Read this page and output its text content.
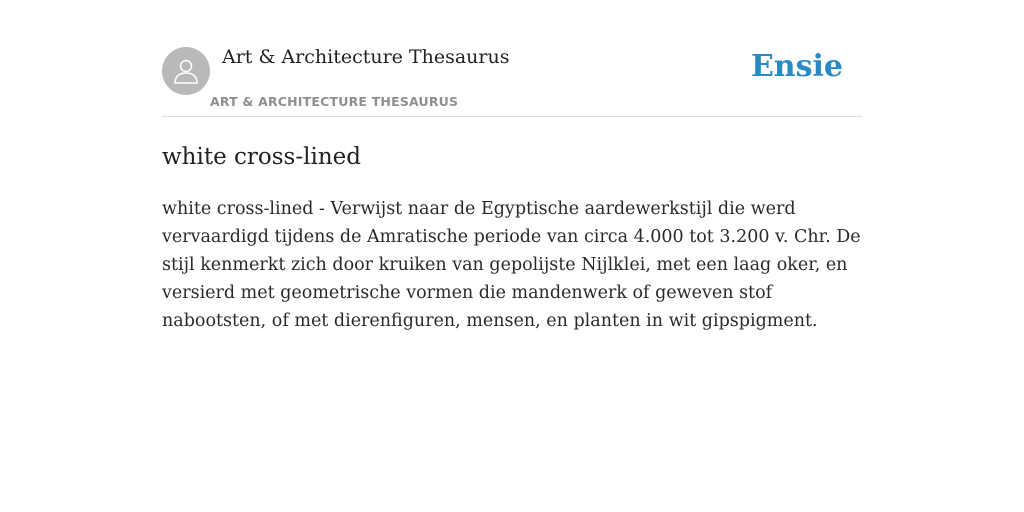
Art & Architecture Thesaurus
ART & ARCHITECTURE THESAURUS
Ensie
white cross-lined

white cross-lined - Verwijst naar de Egyptische aardewerkstijl die werd vervaardigd tijdens de Amratische periode van circa 4.000 tot 3.200 v. Chr. De stijl kenmerkt zich door kruiken van gepolijste Nijlklei, met een laag oker, en versierd met geometrische vormen die mandenwerk of geweven stof nabootsten, of met dierenfiguren, mensen, en planten in wit gipspigment.
